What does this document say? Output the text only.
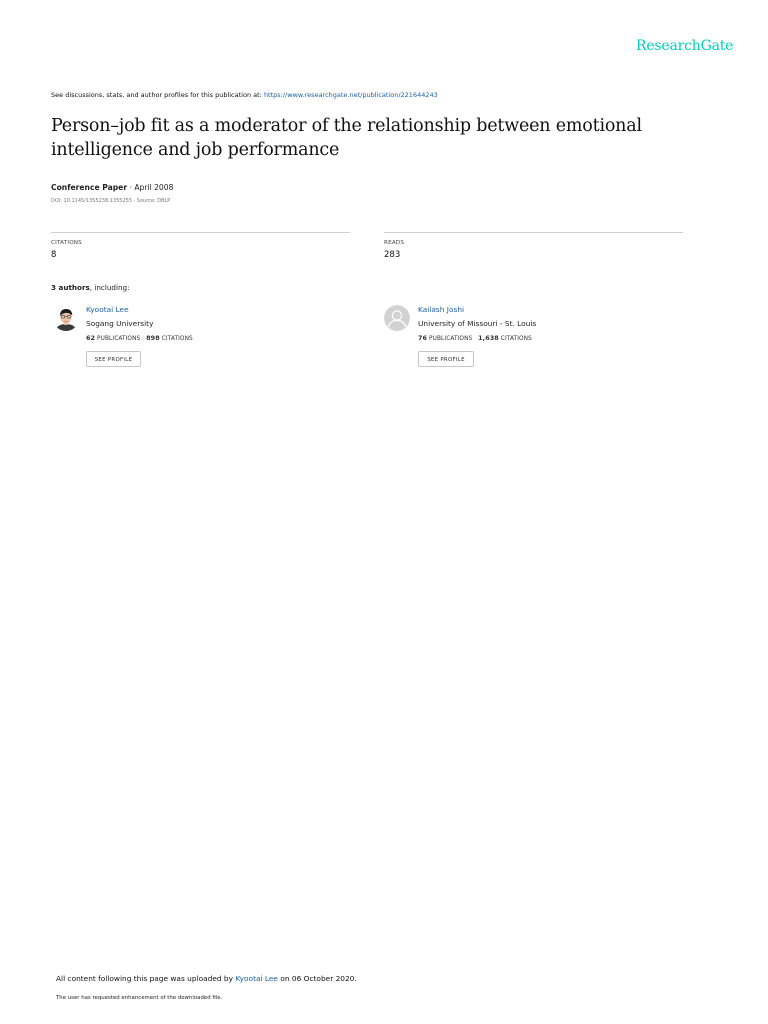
ResearchGate
See discussions, stats, and author profiles for this publication at: https://www.researchgate.net/publication/221644243
Person–job fit as a moderator of the relationship between emotional intelligence and job performance
Conference Paper · April 2008
DOI: 10.1145/1355238.1355255 · Source: DBLP
CITATIONS
8
READS
283
3 authors, including:
Kyootai Lee
Sogang University
62 PUBLICATIONS 898 CITATIONS
SEE PROFILE
Kailash Joshi
University of Missouri - St. Louis
76 PUBLICATIONS 1,638 CITATIONS
SEE PROFILE
All content following this page was uploaded by Kyootai Lee on 06 October 2020.
The user has requested enhancement of the downloaded file.
